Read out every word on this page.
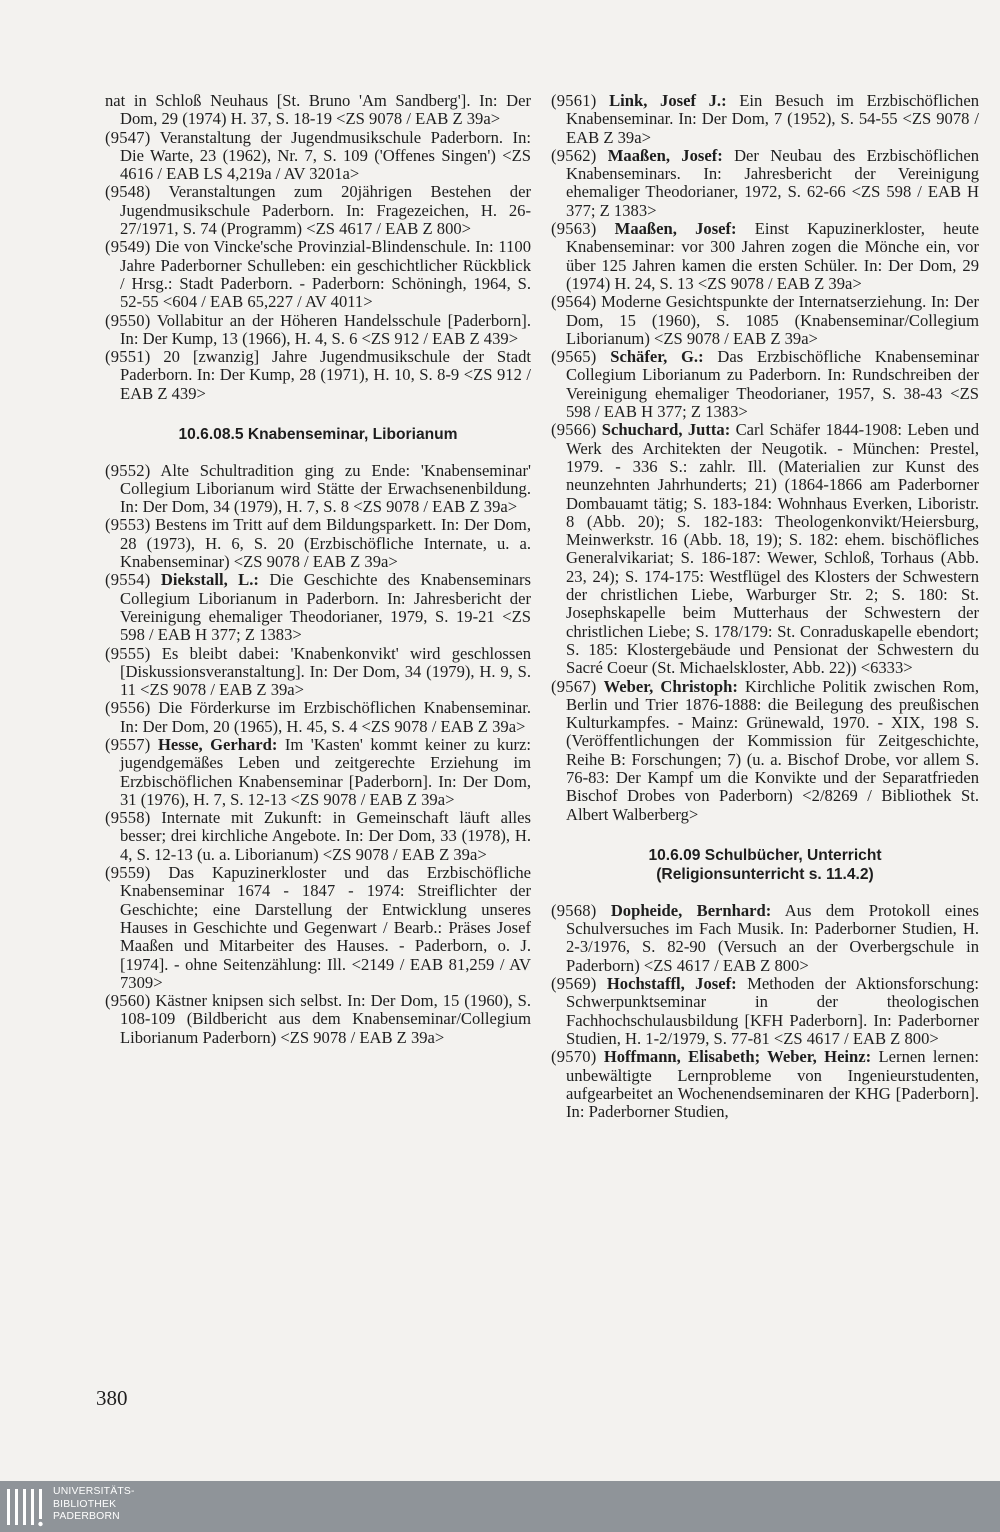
nat in Schloß Neuhaus [St. Bruno 'Am Sandberg']. In: Der Dom, 29 (1974) H. 37, S. 18-19 <ZS 9078 / EAB Z 39a>
(9547) Veranstaltung der Jugendmusikschule Paderborn. In: Die Warte, 23 (1962), Nr. 7, S. 109 ('Offenes Singen') <ZS 4616 / EAB LS 4,219a / AV 3201a>
(9548) Veranstaltungen zum 20jährigen Bestehen der Jugendmusikschule Paderborn. In: Fragezeichen, H. 26-27/1971, S. 74 (Programm) <ZS 4617 / EAB Z 800>
(9549) Die von Vincke'sche Provinzial-Blindenschule. In: 1100 Jahre Paderborner Schulleben: ein geschichtlicher Rückblick / Hrsg.: Stadt Paderborn. - Paderborn: Schöningh, 1964, S. 52-55 <604 / EAB 65,227 / AV 4011>
(9550) Vollabitur an der Höheren Handelsschule [Paderborn]. In: Der Kump, 13 (1966), H. 4, S. 6 <ZS 912 / EAB Z 439>
(9551) 20 [zwanzig] Jahre Jugendmusikschule der Stadt Paderborn. In: Der Kump, 28 (1971), H. 10, S. 8-9 <ZS 912 / EAB Z 439>
10.6.08.5 Knabenseminar, Liborianum
(9552) Alte Schultradition ging zu Ende: 'Knabenseminar' Collegium Liborianum wird Stätte der Erwachsenenbildung. In: Der Dom, 34 (1979), H. 7, S. 8 <ZS 9078 / EAB Z 39a>
(9553) Bestens im Tritt auf dem Bildungsparkett. In: Der Dom, 28 (1973), H. 6, S. 20 (Erzbischöfliche Internate, u. a. Knabenseminar) <ZS 9078 / EAB Z 39a>
(9554) Diekstall, L.: Die Geschichte des Knabenseminars Collegium Liborianum in Paderborn. In: Jahresbericht der Vereinigung ehemaliger Theodorianer, 1979, S. 19-21 <ZS 598 / EAB H 377; Z 1383>
(9555) Es bleibt dabei: 'Knabenkonvikt' wird geschlossen [Diskussionsveranstaltung]. In: Der Dom, 34 (1979), H. 9, S. 11 <ZS 9078 / EAB Z 39a>
(9556) Die Förderkurse im Erzbischöflichen Knabenseminar. In: Der Dom, 20 (1965), H. 45, S. 4 <ZS 9078 / EAB Z 39a>
(9557) Hesse, Gerhard: Im 'Kasten' kommt keiner zu kurz: jugendgemäßes Leben und zeitgerechte Erziehung im Erzbischöflichen Knabenseminar [Paderborn]. In: Der Dom, 31 (1976), H. 7, S. 12-13 <ZS 9078 / EAB Z 39a>
(9558) Internate mit Zukunft: in Gemeinschaft läuft alles besser; drei kirchliche Angebote. In: Der Dom, 33 (1978), H. 4, S. 12-13 (u. a. Liborianum) <ZS 9078 / EAB Z 39a>
(9559) Das Kapuzinerkloster und das Erzbischöfliche Knabenseminar 1674 - 1847 - 1974: Streiflichter der Geschichte; eine Darstellung der Entwicklung unseres Hauses in Geschichte und Gegenwart / Bearb.: Präses Josef Maaßen und Mitarbeiter des Hauses. - Paderborn, o. J. [1974]. - ohne Seitenzählung: Ill. <2149 / EAB 81,259 / AV 7309>
(9560) Kästner knipsen sich selbst. In: Der Dom, 15 (1960), S. 108-109 (Bildbericht aus dem Knabenseminar/Collegium Liborianum Paderborn) <ZS 9078 / EAB Z 39a>
(9561) Link, Josef J.: Ein Besuch im Erzbischöflichen Knabenseminar. In: Der Dom, 7 (1952), S. 54-55 <ZS 9078 / EAB Z 39a>
(9562) Maaßen, Josef: Der Neubau des Erzbischöflichen Knabenseminars. In: Jahresbericht der Vereinigung ehemaliger Theodorianer, 1972, S. 62-66 <ZS 598 / EAB H 377; Z 1383>
(9563) Maaßen, Josef: Einst Kapuzinerkloster, heute Knabenseminar: vor 300 Jahren zogen die Mönche ein, vor über 125 Jahren kamen die ersten Schüler. In: Der Dom, 29 (1974) H. 24, S. 13 <ZS 9078 / EAB Z 39a>
(9564) Moderne Gesichtspunkte der Internatserziehung. In: Der Dom, 15 (1960), S. 1085 (Knabenseminar/Collegium Liborianum) <ZS 9078 / EAB Z 39a>
(9565) Schäfer, G.: Das Erzbischöfliche Knabenseminar Collegium Liborianum zu Paderborn. In: Rundschreiben der Vereinigung ehemaliger Theodorianer, 1957, S. 38-43 <ZS 598 / EAB H 377; Z 1383>
(9566) Schuchard, Jutta: Carl Schäfer 1844-1908: Leben und Werk des Architekten der Neugotik. - München: Prestel, 1979. - 336 S.: zahlr. Ill. (Materialien zur Kunst des neunzehnten Jahrhunderts; 21) (1864-1866 am Paderborner Dombauamt tätig; S. 183-184: Wohnhaus Everken, Liboristr. 8 (Abb. 20); S. 182-183: Theologenkonvikt/Heiersburg, Meinwerkstr. 16 (Abb. 18, 19); S. 182: ehem. bischöfliches Generalvikariat; S. 186-187: Wewer, Schloß, Torhaus (Abb. 23, 24); S. 174-175: Westflügel des Klosters der Schwestern der christlichen Liebe, Warburger Str. 2; S. 180: St. Josephskapelle beim Mutterhaus der Schwestern der christlichen Liebe; S. 178/179: St. Conraduskapelle ebendort; S. 185: Klostergebäude und Pensionat der Schwestern du Sacré Coeur (St. Michaelskloster, Abb. 22)) <6333>
(9567) Weber, Christoph: Kirchliche Politik zwischen Rom, Berlin und Trier 1876-1888: die Beilegung des preußischen Kulturkampfes. - Mainz: Grünewald, 1970. - XIX, 198 S. (Veröffentlichungen der Kommission für Zeitgeschichte, Reihe B: Forschungen; 7) (u. a. Bischof Drobe, vor allem S. 76-83: Der Kampf um die Konvikte und der Separatfrieden Bischof Drobes von Paderborn) <2/8269 / Bibliothek St. Albert Walberberg>
10.6.09 Schulbücher, Unterricht
(Religionsunterricht s. 11.4.2)
(9568) Dopheide, Bernhard: Aus dem Protokoll eines Schulversuches im Fach Musik. In: Paderborner Studien, H. 2-3/1976, S. 82-90 (Versuch an der Overbergschule in Paderborn) <ZS 4617 / EAB Z 800>
(9569) Hochstaffl, Josef: Methoden der Aktionsforschung: Schwerpunktseminar in der theologischen Fachhochschulausbildung [KFH Paderborn]. In: Paderborner Studien, H. 1-2/1979, S. 77-81 <ZS 4617 / EAB Z 800>
(9570) Hoffmann, Elisabeth; Weber, Heinz: Lernen lernen: unbewältigte Lernprobleme von Ingenieurstudenten, aufgearbeitet an Wochenendseminaren der KHG [Paderborn]. In: Paderborner Studien,
380
UNIVERSITÄTS-
BIBLIOTHEK
PADERBORN
